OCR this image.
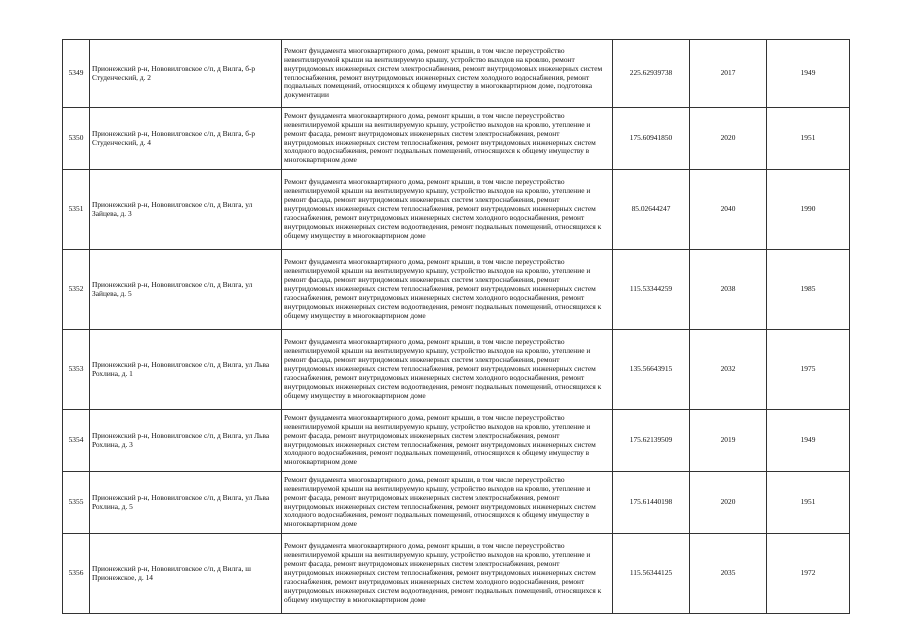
5349	Прионежский р-н, Нововилговское с/п, д Вилга, б-р Студенческий, д. 2	Ремонт фундамента многоквартирного дома, ремонт крыши, в том числе переустройство невентилируемой крыши на вентилируемую крышу, устройство выходов на кровлю, ремонт внутридомовых инженерных систем электроснабжения, ремонт внутридомовых инженерных систем теплоснабжения, ремонт внутридомовых инженерных систем холодного водоснабжения, ремонт подвальных помещений, относящихся к общему имуществу в многоквартирном доме, подготовка документации	225.62939738	2017	1949
5350	Прионежский р-н, Нововилговское с/п, д Вилга, б-р Студенческий, д. 4	Ремонт фундамента многоквартирного дома, ремонт крыши, в том числе переустройство невентилируемой крыши на вентилируемую крышу, устройство выходов на кровлю, утепление и ремонт фасада, ремонт внутридомовых инженерных систем электроснабжения, ремонт внутридомовых инженерных систем теплоснабжения, ремонт внутридомовых инженерных систем холодного водоснабжения, ремонт подвальных помещений, относящихся к общему имуществу в многоквартирном доме	175.60941850	2020	1951
5351	Прионежский р-н, Нововилговское с/п, д Вилга, ул Зайцева, д. 3	Ремонт фундамента многоквартирного дома, ремонт крыши, в том числе переустройство невентилируемой крыши на вентилируемую крышу, устройство выходов на кровлю, утепление и ремонт фасада, ремонт внутридомовых инженерных систем электроснабжения, ремонт внутридомовых инженерных систем теплоснабжения, ремонт внутридомовых инженерных систем газоснабжения, ремонт внутридомовых инженерных систем холодного водоснабжения, ремонт внутридомовых инженерных систем водоотведения, ремонт подвальных помещений, относящихся к общему имуществу в многоквартирном доме	85.02644247	2040	1990
5352	Прионежский р-н, Нововилговское с/п, д Вилга, ул Зайцева, д. 5	Ремонт фундамента многоквартирного дома, ремонт крыши, в том числе переустройство невентилируемой крыши на вентилируемую крышу, устройство выходов на кровлю, утепление и ремонт фасада, ремонт внутридомовых инженерных систем электроснабжения, ремонт внутридомовых инженерных систем теплоснабжения, ремонт внутридомовых инженерных систем газоснабжения, ремонт внутридомовых инженерных систем холодного водоснабжения, ремонт внутридомовых инженерных систем водоотведения, ремонт подвальных помещений, относящихся к общему имуществу в многоквартирном доме	115.53344259	2038	1985
5353	Прионежский р-н, Нововилговское с/п, д Вилга, ул Льва Рохлина, д. 1	Ремонт фундамента многоквартирного дома, ремонт крыши, в том числе переустройство невентилируемой крыши на вентилируемую крышу, устройство выходов на кровлю, утепление и ремонт фасада, ремонт внутридомовых инженерных систем электроснабжения, ремонт внутридомовых инженерных систем теплоснабжения, ремонт внутридомовых инженерных систем газоснабжения, ремонт внутридомовых инженерных систем холодного водоснабжения, ремонт внутридомовых инженерных систем водоотведения, ремонт подвальных помещений, относящихся к общему имуществу в многоквартирном доме	135.56643915	2032	1975
5354	Прионежский р-н, Нововилговское с/п, д Вилга, ул Льва Рохлина, д. 3	Ремонт фундамента многоквартирного дома, ремонт крыши, в том числе переустройство невентилируемой крыши на вентилируемую крышу, устройство выходов на кровлю, утепление и ремонт фасада, ремонт внутридомовых инженерных систем электроснабжения, ремонт внутридомовых инженерных систем теплоснабжения, ремонт внутридомовых инженерных систем холодного водоснабжения, ремонт подвальных помещений, относящихся к общему имуществу в многоквартирном доме	175.62139509	2019	1949
5355	Прионежский р-н, Нововилговское с/п, д Вилга, ул Льва Рохлина, д. 5	Ремонт фундамента многоквартирного дома, ремонт крыши, в том числе переустройство невентилируемой крыши на вентилируемую крышу, устройство выходов на кровлю, утепление и ремонт фасада, ремонт внутридомовых инженерных систем электроснабжения, ремонт внутридомовых инженерных систем теплоснабжения, ремонт внутридомовых инженерных систем холодного водоснабжения, ремонт подвальных помещений, относящихся к общему имуществу в многоквартирном доме	175.61440198	2020	1951
5356	Прионежский р-н, Нововилговское с/п, д Вилга, ш Прионежское, д. 14	Ремонт фундамента многоквартирного дома, ремонт крыши, в том числе переустройство невентилируемой крыши на вентилируемую крышу, устройство выходов на кровлю, утепление и ремонт фасада, ремонт внутридомовых инженерных систем электроснабжения, ремонт внутридомовых инженерных систем теплоснабжения, ремонт внутридомовых инженерных систем газоснабжения, ремонт внутридомовых инженерных систем холодного водоснабжения, ремонт внутридомовых инженерных систем водоотведения, ремонт подвальных помещений, относящихся к общему имуществу в многоквартирном доме	115.56344125	2035	1972
